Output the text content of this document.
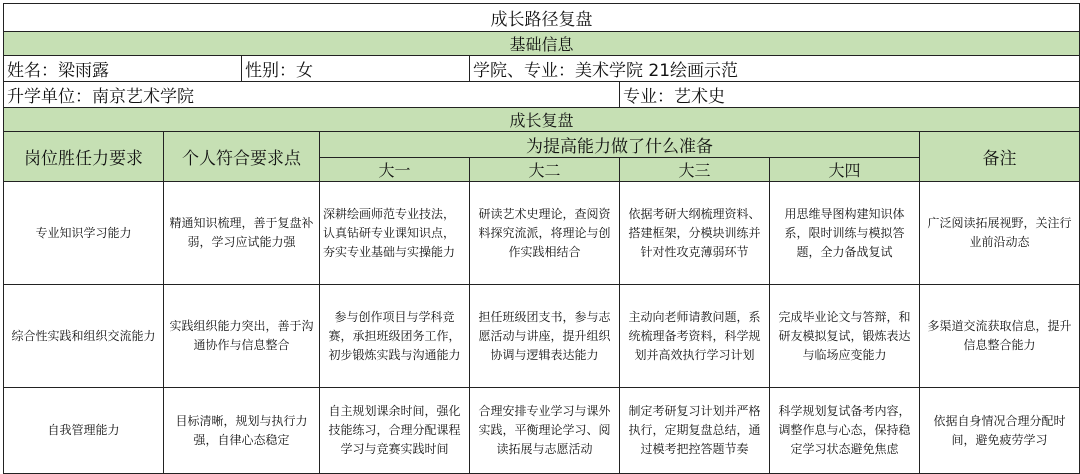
成长路径复盘							
基础信息							
姓名：梁雨露		性别：女		学院、专业：美术学院 21绘画示范			
升学单位：南京艺术学院					专业：艺术史		
成长复盘							
岗位胜任力要求	个人符合要求点		为提高能力做了什么准备				备注
			大一	大二	大三	大四	
专业知识学习能力	精通知识梳理，善于复盘补弱，学习应试能力强		深耕绘画师范专业技法，认真钻研专业课知识点，夯实专业基础与实操能力	研读艺术史理论，查阅资料探究流派，将理论与创作实践相结合	依据考研大纲梳理资料、搭建框架，分模块训练并针对性攻克薄弱环节	用思维导图构建知识体系，限时训练与模拟答题，全力备战复试	广泛阅读拓展视野，关注行业前沿动态
综合性实践和组织交流能力	实践组织能力突出，善于沟通协作与信息整合		参与创作项目与学科竞赛，承担班级团务工作，初步锻炼实践与沟通能力	担任班级团支书，参与志愿活动与讲座，提升组织协调与逻辑表达能力	主动向老师请教问题，系统梳理备考资料，科学规划并高效执行学习计划	完成毕业论文与答辩，和研友模拟复试，锻炼表达与临场应变能力	多渠道交流获取信息，提升信息整合能力
自我管理能力	目标清晰，规划与执行力强，自律心态稳定		自主规划课余时间，强化技能练习，合理分配课程学习与竞赛实践时间	合理安排专业学习与课外实践，平衡理论学习、阅读拓展与志愿活动	制定考研复习计划并严格执行，定期复盘总结，通过模考把控答题节奏	科学规划复试备考内容，调整作息与心态，保持稳定学习状态避免焦虑	依据自身情况合理分配时间，避免疲劳学习
